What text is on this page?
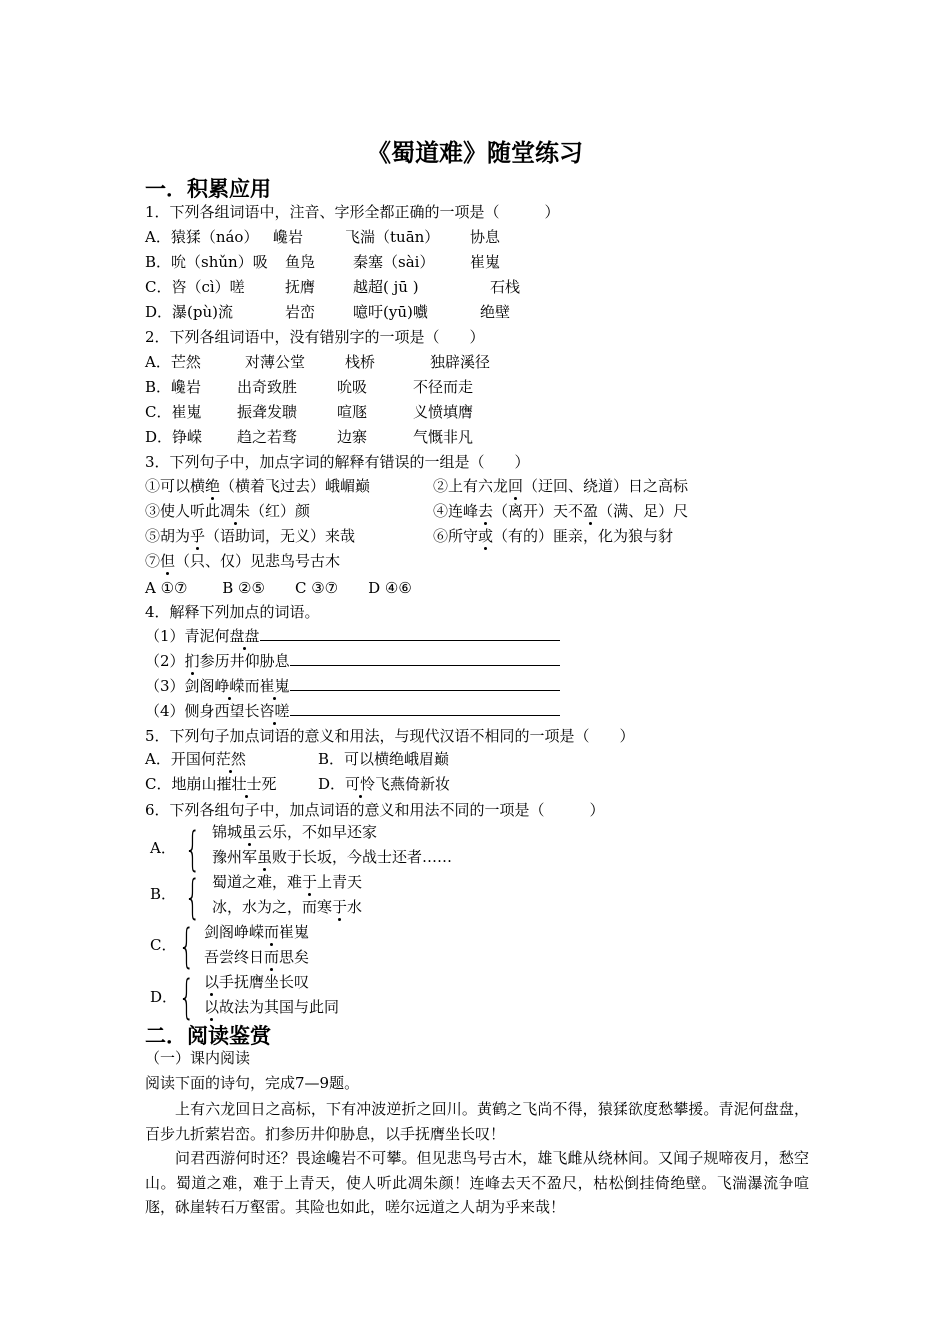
《蜀道难》随堂练习
一．积累应用
1．下列各组词语中，注音、字形全都正确的一项是（　　　）
A．猿猱（náo） 巉岩	飞湍（tuān） 协息
B．吮（shǔn）吸 鱼凫	秦塞（sài） 崔嵬
C．咨（cì）嗟	抚膺	越超( jū )	石栈
D．瀑(pù)流	岩峦	噫吁(yū)嚱	绝壁
2．下列各组词语中，没有错别字的一项是（　　）
A．芒然	对薄公堂	栈桥	独辟溪径
B．巉岩 出奇致胜	吮吸	不径而走
C．崔嵬 振聋发聩	喧豗	义愤填膺
D．铮嵘 趋之若骛	边寨	气慨非凡
3．下列句子中，加点字词的解释有错误的一组是（　　）
①可以横绝（横着飞过去）峨嵋巅	②上有六龙回（迂回、绕道）日之高标
③使人听此凋朱（红）颜	④连峰去（离开）天不盈（满、足）尺
⑤胡为乎（语助词，无义）来哉	⑥所守或（有的）匪亲，化为狼与豺
⑦但（只、仅）见悲鸟号古木
A ①⑦　　 B ②⑤　　C ③⑦　　D ④⑥
4．解释下列加点的词语。
（1）青泥何盘盘
（2）扪参历井仰胁息
（3）剑阁峥嵘而崔嵬
（4）侧身西望长咨嗟
5．下列句子加点词语的意义和用法，与现代汉语不相同的一项是（　　）
A．开国何茫然	B．可以横绝峨眉巅
C．地崩山摧壮士死	D．可怜飞燕倚新妆
6．下列各组句子中，加点词语的意义和用法不同的一项是（　　　）
A． { 锦城虽云乐，不如早还家
豫州军虽败于长坂，今战士还者……
B． { 蜀道之难，难于上青天
冰，水为之，而寒于水
C． { 剑阁峥嵘而崔嵬
吾尝终日而思矣
D． { 以手抚膺坐长叹
以故法为其国与此同
二．阅读鉴赏
（一）课内阅读
阅读下面的诗句，完成7—9题。
上有六龙回日之高标，下有冲波逆折之回川。黄鹤之飞尚不得，猿猱欲度愁攀援。青泥何盘盘，百步九折萦岩峦。扪参历井仰胁息，以手抚膺坐长叹！
问君西游何时还？畏途巉岩不可攀。但见悲鸟号古木，雄飞雌从绕林间。又闻子规啼夜月，愁空山。蜀道之难，难于上青天，使人听此凋朱颜！连峰去天不盈尺，枯松倒挂倚绝壁。飞湍瀑流争喧豗，砯崖转石万壑雷。其险也如此，嗟尔远道之人胡为乎来哉！
